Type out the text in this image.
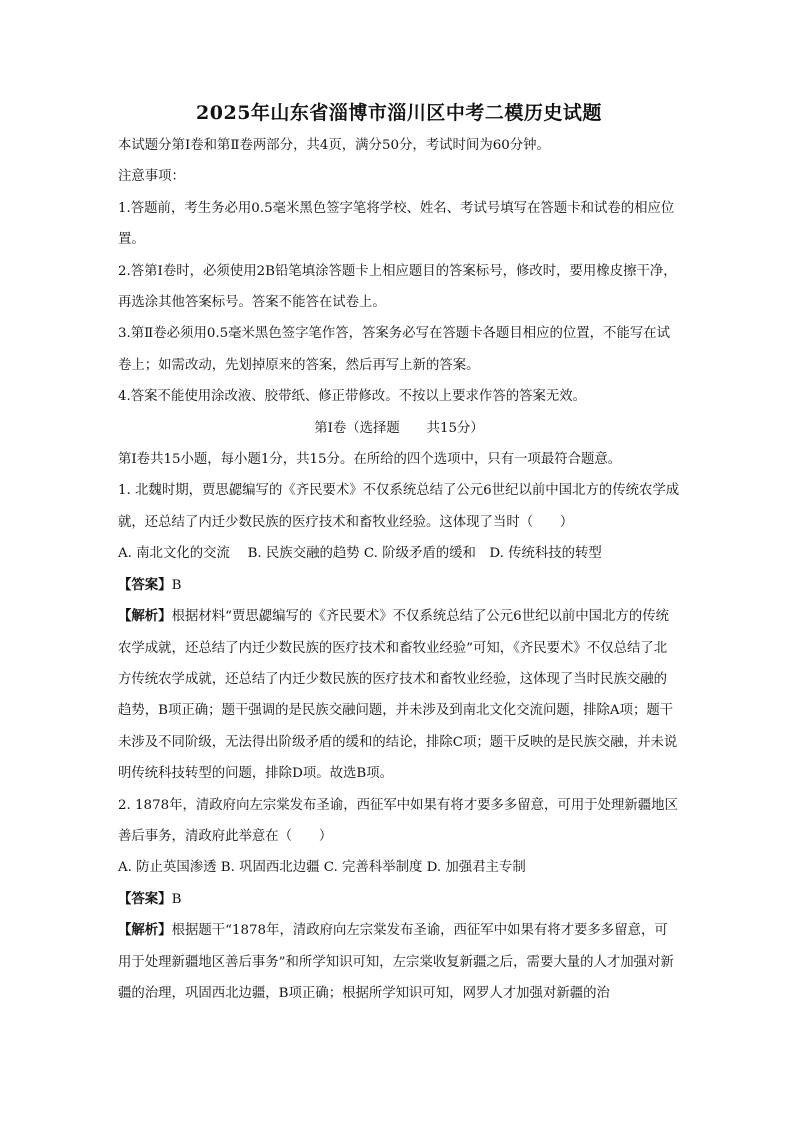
2025年山东省淄博市淄川区中考二模历史试题

本试题分第Ⅰ卷和第Ⅱ卷两部分，共4页，满分50分，考试时间为60分钟。

注意事项：

1.答题前，考生务必用0.5毫米黑色签字笔将学校、姓名、考试号填写在答题卡和试卷的相应位置。

2.答第Ⅰ卷时，必须使用2B铅笔填涂答题卡上相应题目的答案标号，修改时，要用橡皮擦干净，再选涂其他答案标号。答案不能答在试卷上。

3.第Ⅱ卷必须用0.5毫米黑色签字笔作答，答案务必写在答题卡各题目相应的位置，不能写在试卷上；如需改动，先划掉原来的答案，然后再写上新的答案。

4.答案不能使用涂改液、胶带纸、修正带修改。不按以上要求作答的答案无效。

第Ⅰ卷（选择题　　共15分）

第Ⅰ卷共15小题，每小题1分，共15分。在所给的四个选项中，只有一项最符合题意。

1. 北魏时期，贾思勰编写的《齐民要术》不仅系统总结了公元6世纪以前中国北方的传统农学成就，还总结了内迁少数民族的医疗技术和畜牧业经验。这体现了当时（　　）

A. 南北文化的交流　 B. 民族交融的趋势 C. 阶级矛盾的缓和　D. 传统科技的转型

【答案】B

【解析】根据材料“贾思勰编写的《齐民要术》不仅系统总结了公元6世纪以前中国北方的传统农学成就，还总结了内迁少数民族的医疗技术和畜牧业经验”可知，《齐民要术》不仅总结了北方传统农学成就，还总结了内迁少数民族的医疗技术和畜牧业经验，这体现了当时民族交融的趋势，B项正确；题干强调的是民族交融问题，并未涉及到南北文化交流问题，排除A项；题干未涉及不同阶级，无法得出阶级矛盾的缓和的结论，排除C项；题干反映的是民族交融，并未说明传统科技转型的问题，排除D项。故选B项。

2. 1878年，清政府向左宗棠发布圣谕，西征军中如果有将才要多多留意，可用于处理新疆地区善后事务，清政府此举意在（　　）

A. 防止英国渗透 B. 巩固西北边疆 C. 完善科举制度 D. 加强君主专制

【答案】B

【解析】根据题干“1878年，清政府向左宗棠发布圣谕，西征军中如果有将才要多多留意，可用于处理新疆地区善后事务”和所学知识可知，左宗棠收复新疆之后，需要大量的人才加强对新疆的治理，巩固西北边疆，B项正确；根据所学知识可知，网罗人才加强对新疆的治
